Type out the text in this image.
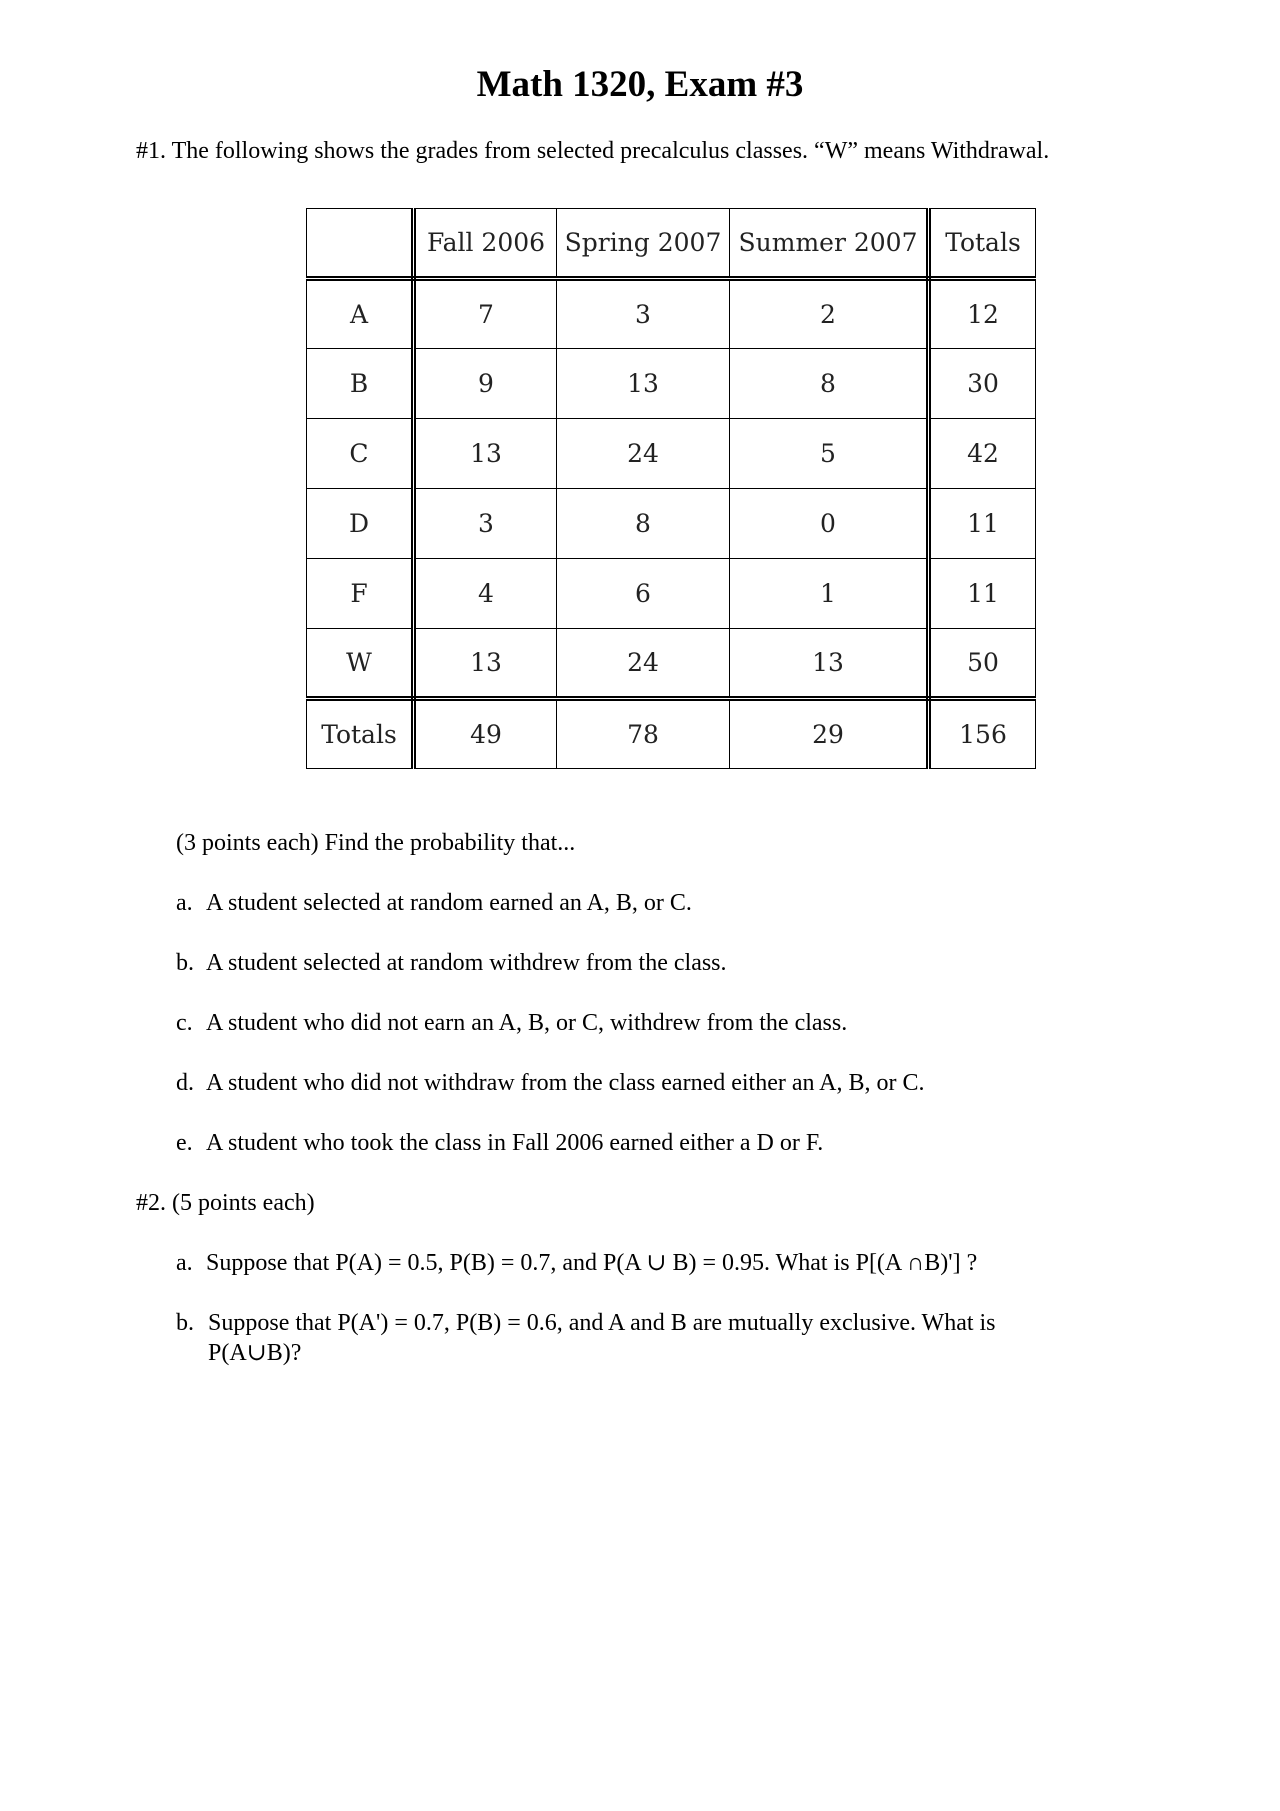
Math 1320, Exam #3
#1. The following shows the grades from selected precalculus classes. “W” means Withdrawal.
	Fall 2006	Spring 2007	Summer 2007	Totals
A	7	3	2	12
B	9	13	8	30
C	13	24	5	42
D	3	8	0	11
F	4	6	1	11
W	13	24	13	50
Totals	49	78	29	156
(3 points each) Find the probability that...
a. A student selected at random earned an A, B, or C.
b. A student selected at random withdrew from the class.
c. A student who did not earn an A, B, or C, withdrew from the class.
d. A student who did not withdraw from the class earned either an A, B, or C.
e. A student who took the class in Fall 2006 earned either a D or F.
#2. (5 points each)
a. Suppose that P(A) = 0.5, P(B) = 0.7, and P(A ∪ B) = 0.95. What is P[(A ∩B)'] ?
b. Suppose that P(A') = 0.7, P(B) = 0.6, and A and B are mutually exclusive. What is P(A∪B)?
